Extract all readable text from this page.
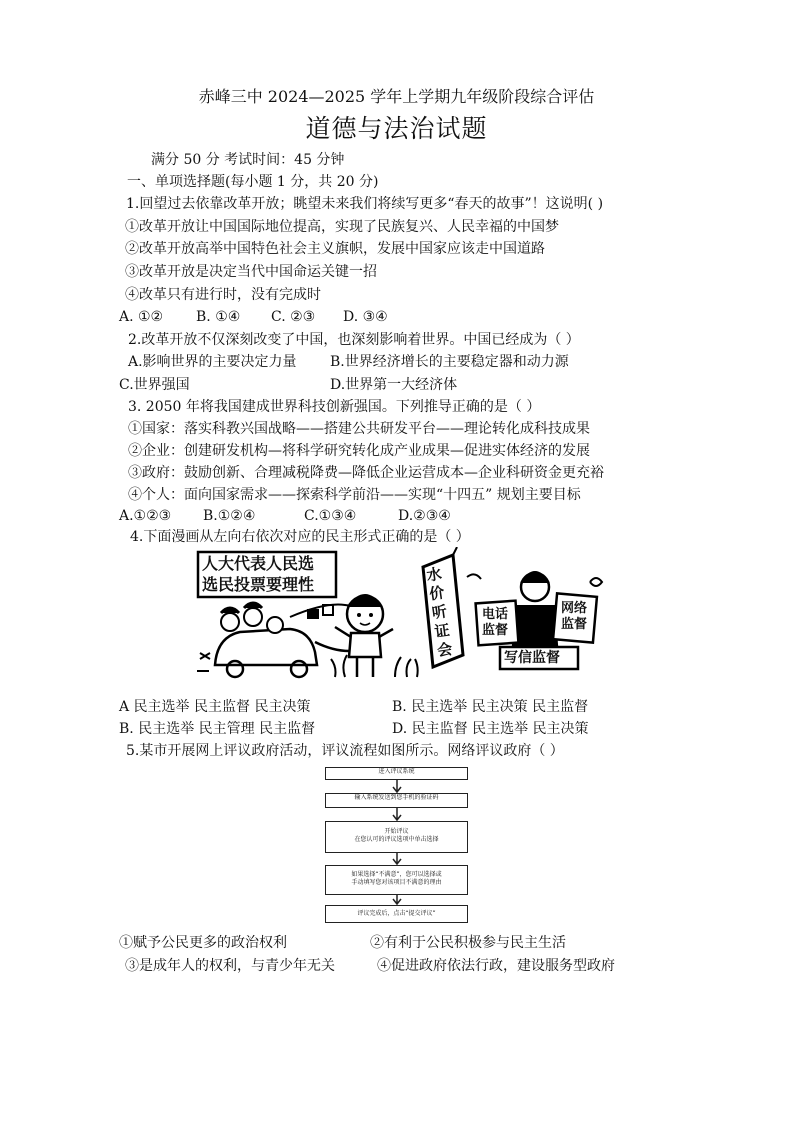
赤峰三中 2024—2025 学年上学期九年级阶段综合评估
道德与法治试题
满分 50 分 考试时间：45 分钟
一、单项选择题(每小题 1 分，共 20 分)
1.回望过去依靠改革开放；眺望未来我们将续写更多“春天的故事”！这说明( )
①改革开放让中国国际地位提高，实现了民族复兴、人民幸福的中国梦
②改革开放高举中国特色社会主义旗帜，发展中国家应该走中国道路
③改革开放是决定当代中国命运关键一招
④改革只有进行时，没有完成时
A. ①② B. ①④ C. ②③ D. ③④
2.改革开放不仅深刻改变了中国，也深刻影响着世界。中国已经成为（ ）
A.影响世界的主要决定力量 B.世界经济增长的主要稳定器和动力源
C.世界强国	D.世界第一大经济体
3. 2050 年将我国建成世界科技创新强国。下列推导正确的是（ ）
①国家：落实科教兴国战略——搭建公共研发平台——理论转化成科技成果
②企业：创建研发机构—将科学研究转化成产业成果—促进实体经济的发展
③政府：鼓励创新、合理减税降费—降低企业运营成本—企业科研资金更充裕
④个人：面向国家需求——探索科学前沿——实现“十四五” 规划主要目标
A.①②③ B.①②④	C.①③④	D.②③④
4.下面漫画从左向右依次对应的民主形式正确的是（ ）
人大代表人民选
选民投票要理性	水价听证会
电话监督
网络监督
写信监督
A 民主选举 民主监督 民主决策	B. 民主选举 民主决策 民主监督
B. 民主选举 民主管理 民主监督	D. 民主监督 民主选举 民主决策
5.某市开展网上评议政府活动，评议流程如图所示。网络评议政府（ ）
进入评议系统
输入系统发送到您手机的验证码
开始评议
在您认可的评议选项中单击选择
如果选择“不满意”，您可以选择或
手动填写您对该项目不满意的理由
评议完成后，点击“提交评议”
①赋予公民更多的政治权利	②有利于公民积极参与民主生活
③是成年人的权利，与青少年无关	④促进政府依法行政，建设服务型政府
